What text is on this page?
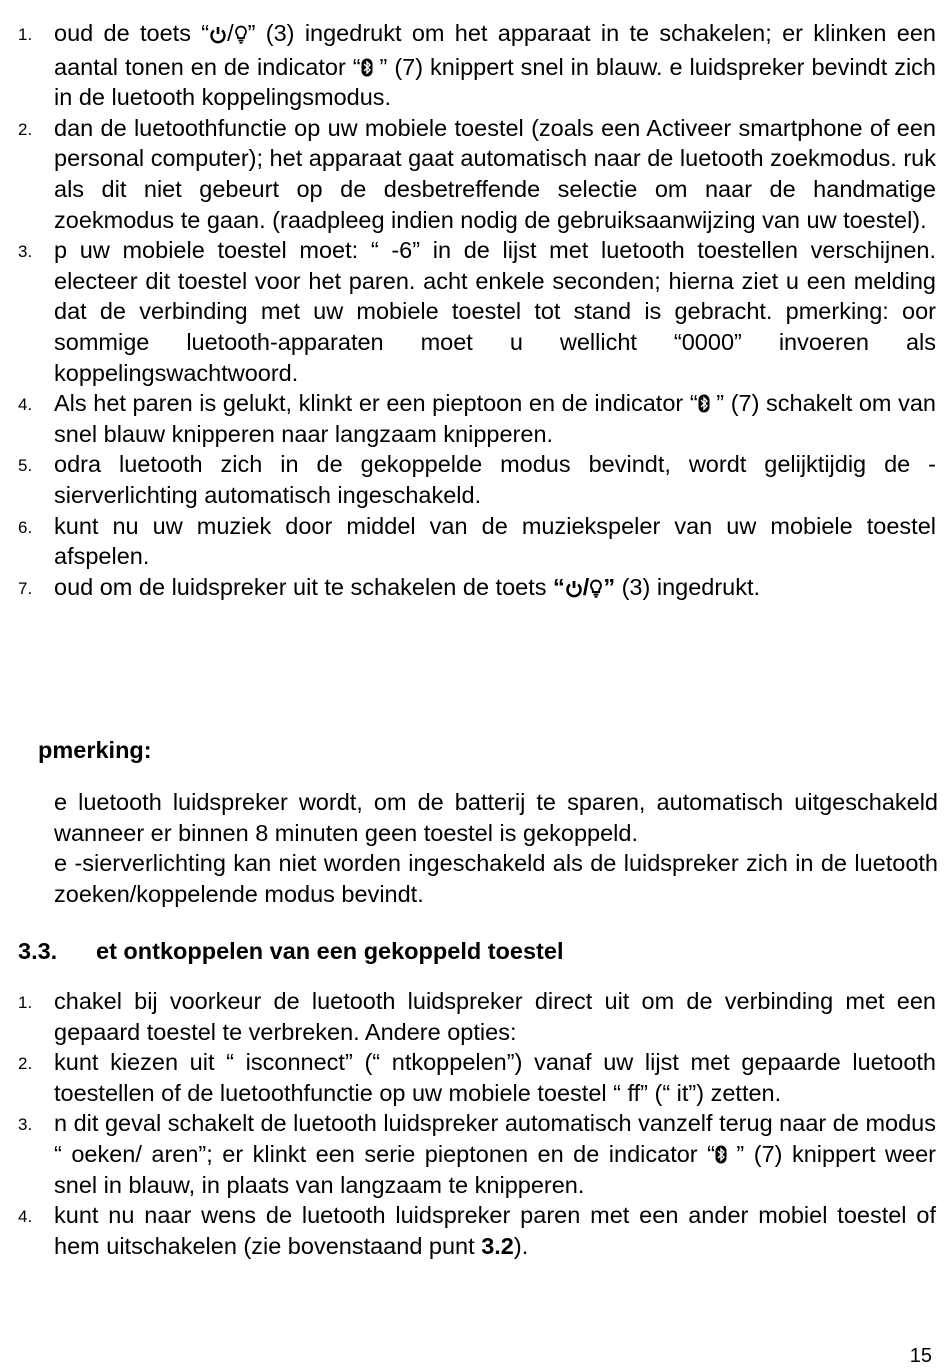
1. oud de toets “ / ” (3) ingedrukt om het apparaat in te schakelen; er klinken een aantal tonen en de indicator “ ” (7) knippert snel in blauw. e luidspreker bevindt zich in de luetooth koppelingsmodus.
2. dan de luetoothfunctie op uw mobiele toestel (zoals een Activeer smartphone of een personal computer); het apparaat gaat automatisch naar de luetooth zoekmodus. ruk als dit niet gebeurt op de desbetreffende selectie om naar de handmatige zoekmodus te gaan. (raadpleeg indien nodig de gebruiksaanwijzing van uw toestel).
3. p uw mobiele toestel moet: “ -6” in de lijst met luetooth toestellen verschijnen. electeer dit toestel voor het paren. acht enkele seconden; hierna ziet u een melding dat de verbinding met uw mobiele toestel tot stand is gebracht. pmerking: oor sommige luetooth-apparaten moet u wellicht “0000” invoeren als koppelingswachtwoord.
4. Als het paren is gelukt, klinkt er een pieptoon en de indicator “ ” (7) schakelt om van snel blauw knipperen naar langzaam knipperen.
5. odra luetooth zich in de gekoppelde modus bevindt, wordt gelijktijdig de -sierverlichting automatisch ingeschakeld.
6. kunt nu uw muziek door middel van de muziekspeler van uw mobiele toestel afspelen.
7. oud om de luidspreker uit te schakelen de toets “ / ” (3) ingedrukt.
pmerking:

e luetooth luidspreker wordt, om de batterij te sparen, automatisch uitgeschakeld wanneer er binnen 8 minuten geen toestel is gekoppeld.

e -sierverlichting kan niet worden ingeschakeld als de luidspreker zich in de luetooth zoeken/koppelende modus bevindt.

3.3. et ontkoppelen van een gekoppeld toestel
1. chakel bij voorkeur de luetooth luidspreker direct uit om de verbinding met een gepaard toestel te verbreken. Andere opties:
2. kunt kiezen uit “ isconnect” (“ ntkoppelen”) vanaf uw lijst met gepaarde luetooth toestellen of de luetoothfunctie op uw mobiele toestel “ ff” (“ it”) zetten.
3. n dit geval schakelt de luetooth luidspreker automatisch vanzelf terug naar de modus “ oeken/ aren”; er klinkt een serie pieptonen en de indicator “ ” (7) knippert weer snel in blauw, in plaats van langzaam te knipperen.
4. kunt nu naar wens de luetooth luidspreker paren met een ander mobiel toestel of hem uitschakelen (zie bovenstaand punt 3.2).
15
